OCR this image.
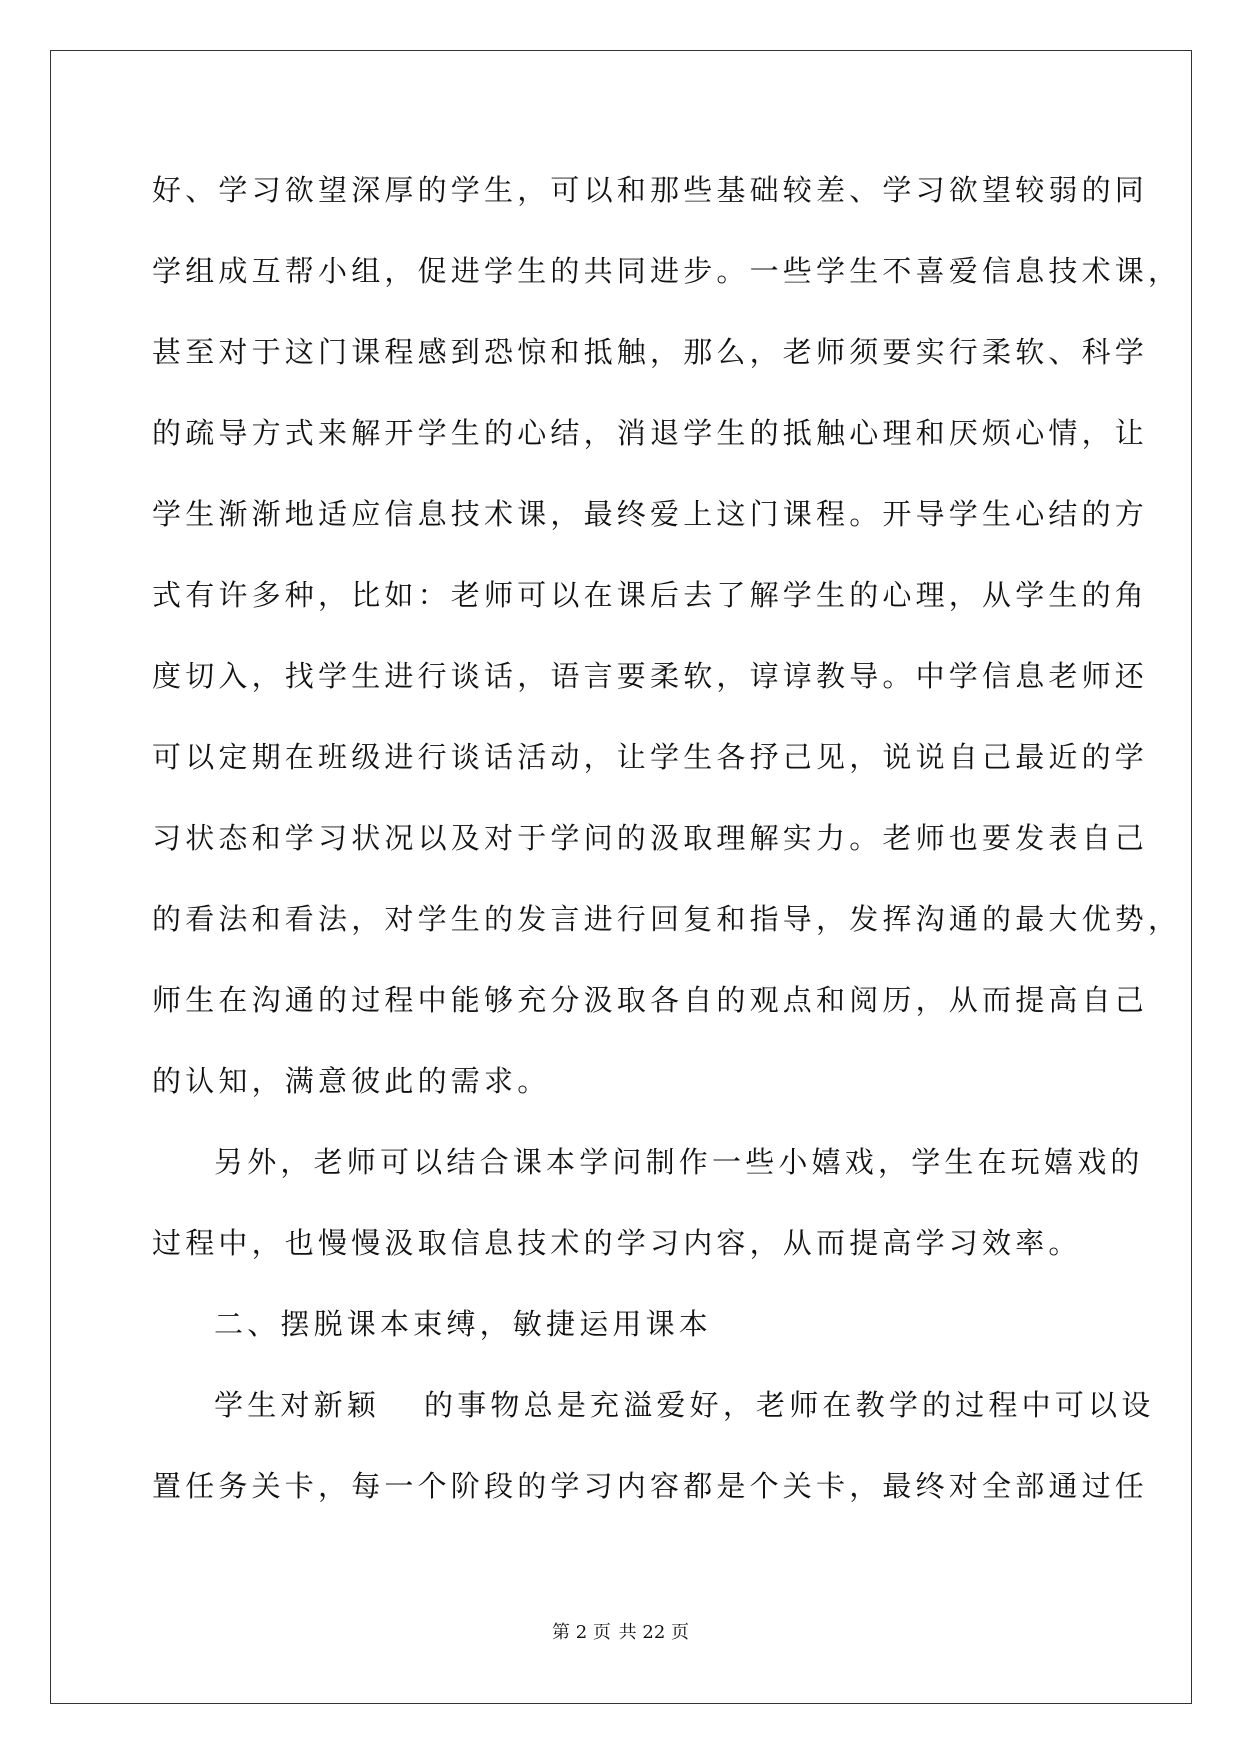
好、学习欲望深厚的学生，可以和那些基础较差、学习欲望较弱的同
学组成互帮小组，促进学生的共同进步。一些学生不喜爱信息技术课，
甚至对于这门课程感到恐惊和抵触，那么，老师须要实行柔软、科学
的疏导方式来解开学生的心结，消退学生的抵触心理和厌烦心情，让
学生渐渐地适应信息技术课，最终爱上这门课程。开导学生心结的方
式有许多种，比如：老师可以在课后去了解学生的心理，从学生的角
度切入，找学生进行谈话，语言要柔软，谆谆教导。中学信息老师还
可以定期在班级进行谈话活动，让学生各抒己见，说说自己最近的学
习状态和学习状况以及对于学问的汲取理解实力。老师也要发表自己
的看法和看法，对学生的发言进行回复和指导，发挥沟通的最大优势，
师生在沟通的过程中能够充分汲取各自的观点和阅历，从而提高自己
的认知，满意彼此的需求。
另外，老师可以结合课本学问制作一些小嬉戏，学生在玩嬉戏的
过程中，也慢慢汲取信息技术的学习内容，从而提高学习效率。
二、摆脱课本束缚，敏捷运用课本
学生对新颖 的事物总是充溢爱好，老师在教学的过程中可以设
置任务关卡，每一个阶段的学习内容都是个关卡，最终对全部通过任
第 2 页 共 22 页
